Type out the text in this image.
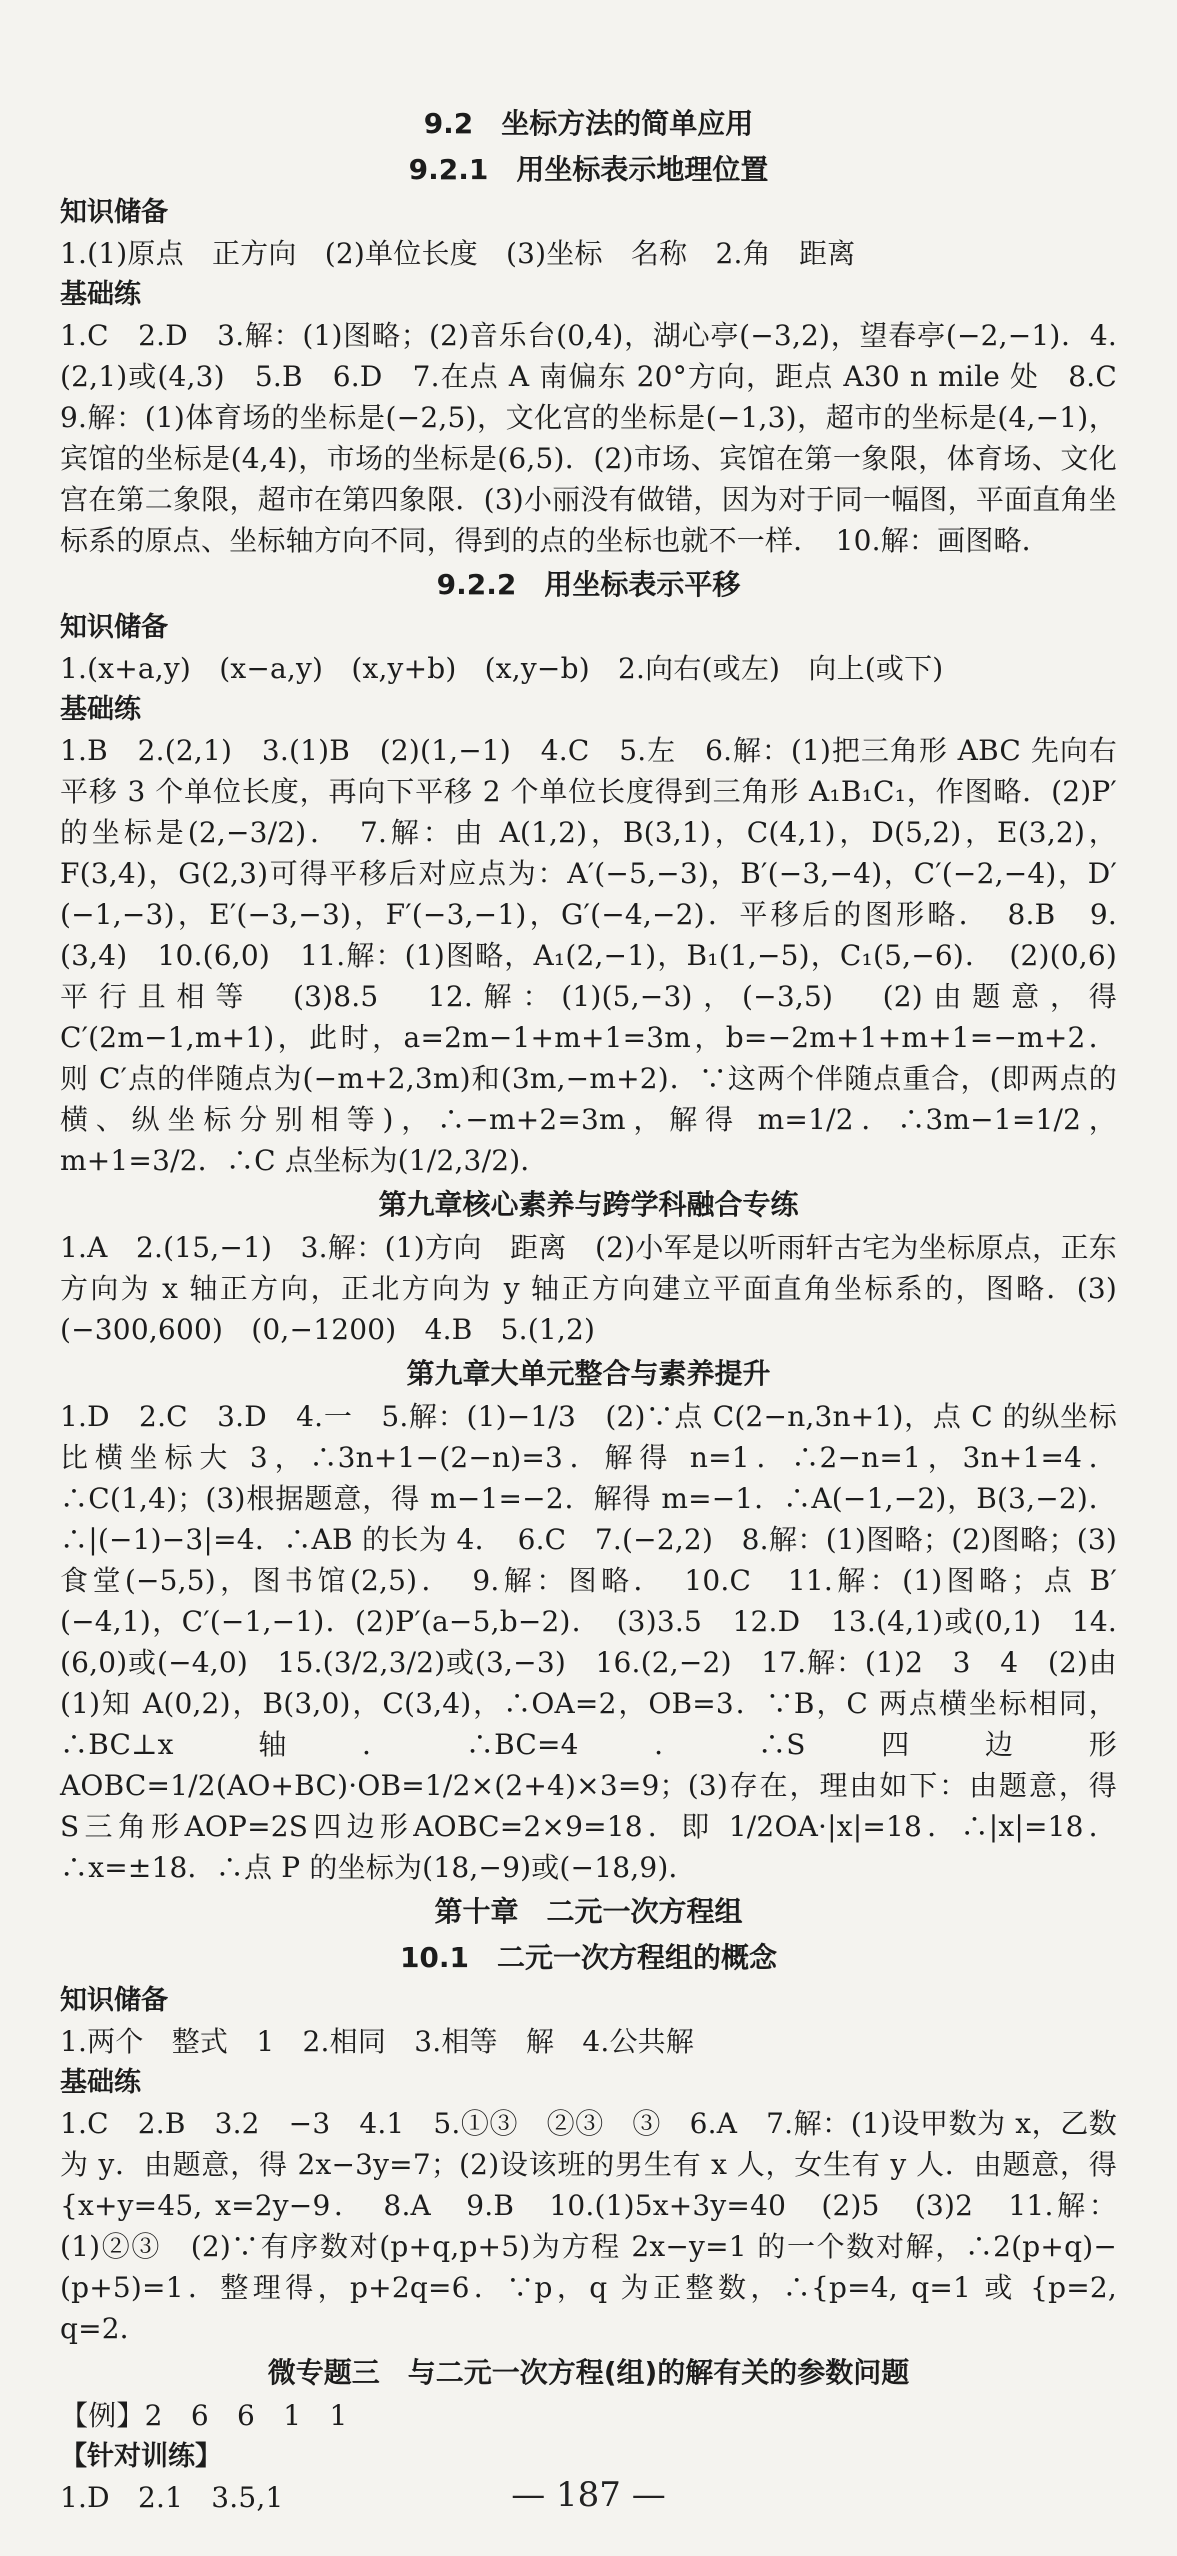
9.2　坐标方法的简单应用
9.2.1　用坐标表示地理位置
知识储备

1.(1)原点　正方向　(2)单位长度　(3)坐标　名称　2.角　距离

基础练

1.C　2.D　3.解：(1)图略；(2)音乐台(0,4)，湖心亭(−3,2)，望春亭(−2,−1)．4.(2,1)或(4,3)　5.B　6.D　7.在点 A 南偏东 20°方向，距点 A30 n mile 处　8.C　9.解：(1)体育场的坐标是(−2,5)，文化宫的坐标是(−1,3)，超市的坐标是(4,−1)，宾馆的坐标是(4,4)，市场的坐标是(6,5)．(2)市场、宾馆在第一象限，体育场、文化宫在第二象限，超市在第四象限．(3)小丽没有做错，因为对于同一幅图，平面直角坐标系的原点、坐标轴方向不同，得到的点的坐标也就不一样．　10.解：画图略．

9.2.2　用坐标表示平移
知识储备

1.(x+a,y)　(x−a,y)　(x,y+b)　(x,y−b)　2.向右(或左)　向上(或下)

基础练

1.B　2.(2,1)　3.(1)B　(2)(1,−1)　4.C　5.左　6.解：(1)把三角形 ABC 先向右平移 3 个单位长度，再向下平移 2 个单位长度得到三角形 A₁B₁C₁，作图略．(2)P′的坐标是(2,−3/2)．　7.解：由 A(1,2)，B(3,1)，C(4,1)，D(5,2)，E(3,2)，F(3,4)，G(2,3)可得平移后对应点为：A′(−5,−3)，B′(−3,−4)，C′(−2,−4)，D′(−1,−3)，E′(−3,−3)，F′(−3,−1)，G′(−4,−2)．平移后的图形略．　8.B　9.(3,4)　10.(6,0)　11.解：(1)图略，A₁(2,−1)，B₁(1,−5)，C₁(5,−6)．　(2)(0,6)　平行且相等　(3)8.5　12.解：(1)(5,−3)，(−3,5)　(2)由题意，得 C′(2m−1,m+1)，此时，a=2m−1+m+1=3m，b=−2m+1+m+1=−m+2．则 C′点的伴随点为(−m+2,3m)和(3m,−m+2)．∵这两个伴随点重合，(即两点的横、纵坐标分别相等)，∴−m+2=3m，解得 m=1/2．∴3m−1=1/2，m+1=3/2．∴C 点坐标为(1/2,3/2)．

第九章核心素养与跨学科融合专练

1.A　2.(15,−1)　3.解：(1)方向　距离　(2)小军是以听雨轩古宅为坐标原点，正东方向为 x 轴正方向，正北方向为 y 轴正方向建立平面直角坐标系的，图略．(3)(−300,600)　(0,−1200)　4.B　5.(1,2)

第九章大单元整合与素养提升

1.D　2.C　3.D　4.一　5.解：(1)−1/3　(2)∵点 C(2−n,3n+1)，点 C 的纵坐标比横坐标大 3，∴3n+1−(2−n)=3．解得 n=1．∴2−n=1，3n+1=4．∴C(1,4)；(3)根据题意，得 m−1=−2．解得 m=−1．∴A(−1,−2)，B(3,−2)．∴|(−1)−3|=4．∴AB 的长为 4．　6.C　7.(−2,2)　8.解：(1)图略；(2)图略；(3)食堂(−5,5)，图书馆(2,5)．　9.解：图略．　10.C　11.解：(1)图略；点 B′(−4,1)，C′(−1,−1)．(2)P′(a−5,b−2)．　(3)3.5　12.D　13.(4,1)或(0,1)　14.(6,0)或(−4,0)　15.(3/2,3/2)或(3,−3)　16.(2,−2)　17.解：(1)2　3　4　(2)由(1)知 A(0,2)，B(3,0)，C(3,4)，∴OA=2，OB=3．∵B，C 两点横坐标相同，∴BC⊥x 轴．∴BC=4．∴S四边形AOBC=1/2(AO+BC)·OB=1/2×(2+4)×3=9；(3)存在，理由如下：由题意，得 S三角形AOP=2S四边形AOBC=2×9=18．即 1/2OA·|x|=18．∴|x|=18．∴x=±18．∴点 P 的坐标为(18,−9)或(−18,9)．

第十章　二元一次方程组
10.1　二元一次方程组的概念
知识储备

1.两个　整式　1　2.相同　3.相等　解　4.公共解

基础练

1.C　2.B　3.2　−3　4.1　5.①③　②③　③　6.A　7.解：(1)设甲数为 x，乙数为 y．由题意，得 2x−3y=7；(2)设该班的男生有 x 人，女生有 y 人．由题意，得 {x+y=45, x=2y−9．　8.A　9.B　10.(1)5x+3y=40　(2)5　(3)2　11.解：(1)②③　(2)∵有序数对(p+q,p+5)为方程 2x−y=1 的一个数对解，∴2(p+q)−(p+5)=1．整理得，p+2q=6．∵p，q 为正整数，∴{p=4, q=1 或 {p=2, q=2．

微专题三　与二元一次方程(组)的解有关的参数问题

【例】2　6　6　1　1

【针对训练】

1.D　2.1　3.5,1	— 187 —
